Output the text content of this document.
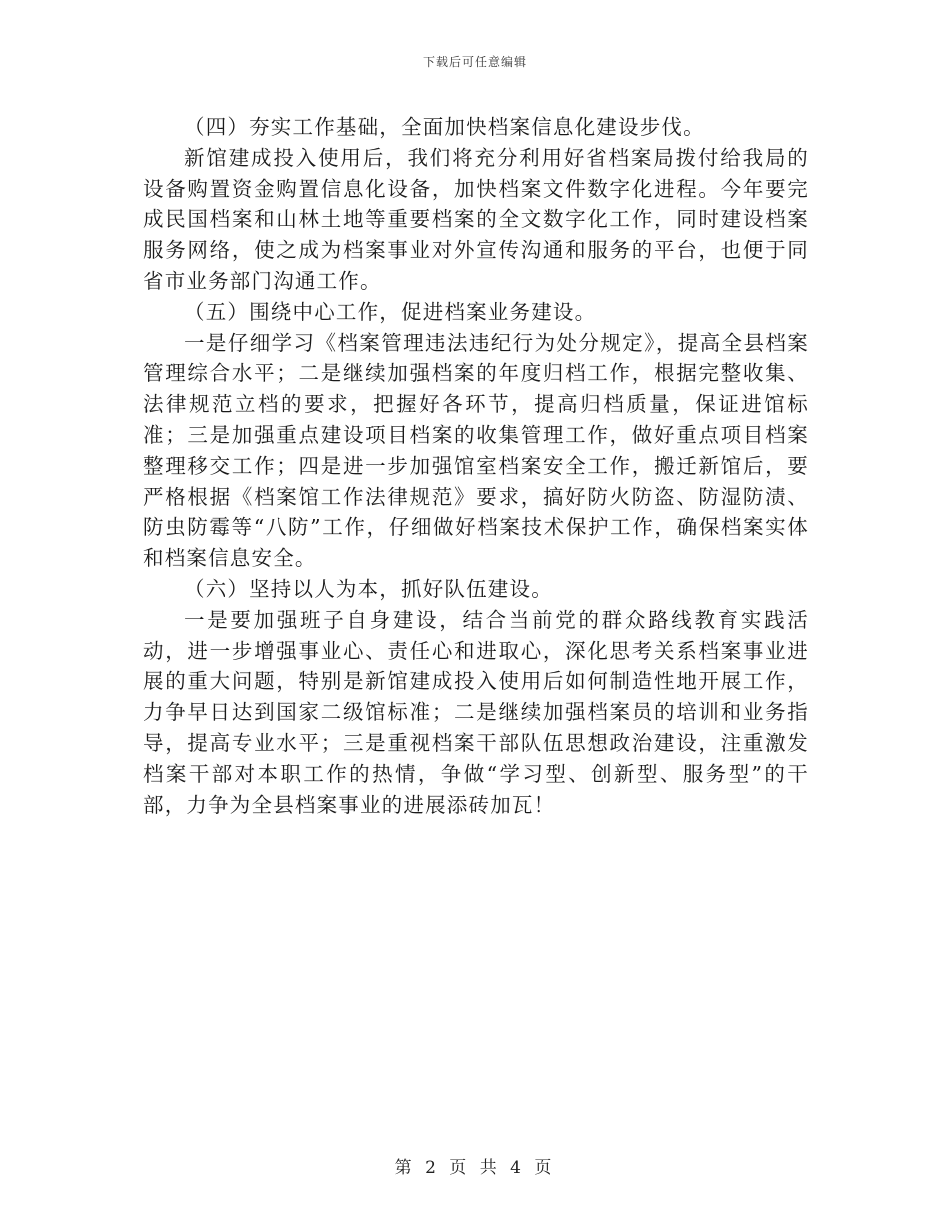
下载后可任意编辑

（四）夯实工作基础，全面加快档案信息化建设步伐。

新馆建成投入使用后，我们将充分利用好省档案局拨付给我局的设备购置资金购置信息化设备，加快档案文件数字化进程。今年要完成民国档案和山林土地等重要档案的全文数字化工作，同时建设档案服务网络，使之成为档案事业对外宣传沟通和服务的平台，也便于同省市业务部门沟通工作。

（五）围绕中心工作，促进档案业务建设。

一是仔细学习《档案管理违法违纪行为处分规定》，提高全县档案管理综合水平；二是继续加强档案的年度归档工作，根据完整收集、法律规范立档的要求，把握好各环节，提高归档质量，保证进馆标准；三是加强重点建设项目档案的收集管理工作，做好重点项目档案整理移交工作；四是进一步加强馆室档案安全工作，搬迁新馆后，要严格根据《档案馆工作法律规范》要求，搞好防火防盗、防湿防渍、防虫防霉等“八防”工作，仔细做好档案技术保护工作，确保档案实体和档案信息安全。

（六）坚持以人为本，抓好队伍建设。

一是要加强班子自身建设，结合当前党的群众路线教育实践活动，进一步增强事业心、责任心和进取心，深化思考关系档案事业进展的重大问题，特别是新馆建成投入使用后如何制造性地开展工作，力争早日达到国家二级馆标准；二是继续加强档案员的培训和业务指导，提高专业水平；三是重视档案干部队伍思想政治建设，注重激发档案干部对本职工作的热情，争做“学习型、创新型、服务型”的干部，力争为全县档案事业的进展添砖加瓦！

第 2 页 共 4 页
